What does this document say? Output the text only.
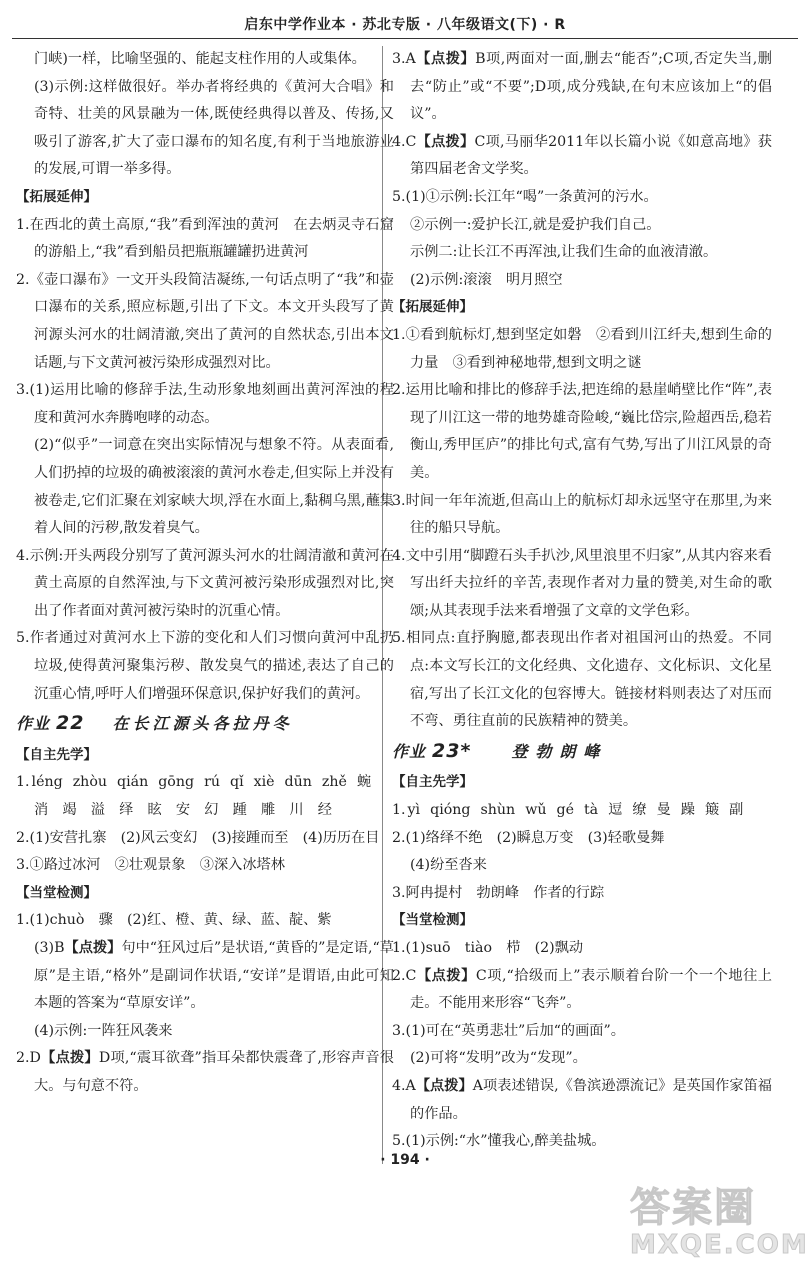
启东中学作业本 · 苏北专版 · 八年级语文(下) · R

门峡)一样，比喻坚强的、能起支柱作用的人或集体。

(3)示例:这样做很好。举办者将经典的《黄河大合唱》和奇特、壮美的风景融为一体,既使经典得以普及、传扬,又吸引了游客,扩大了壶口瀑布的知名度,有利于当地旅游业的发展,可谓一举多得。

【拓展延伸】

1.在西北的黄土高原,“我”看到浑浊的黄河　在去炳灵寺石窟的游船上,“我”看到船员把瓶瓶罐罐扔进黄河

2.《壶口瀑布》一文开头段简洁凝练,一句话点明了“我”和壶口瀑布的关系,照应标题,引出了下文。本文开头段写了黄河源头河水的壮阔清澈,突出了黄河的自然状态,引出本文话题,与下文黄河被污染形成强烈对比。

3.(1)运用比喻的修辞手法,生动形象地刻画出黄河浑浊的程度和黄河水奔腾咆哮的动态。

(2)“似乎”一词意在突出实际情况与想象不符。从表面看,人们扔掉的垃圾的确被滚滚的黄河水卷走,但实际上并没有被卷走,它们汇聚在刘家峡大坝,浮在水面上,黏稠乌黑,蘸集着人间的污秽,散发着臭气。

4.示例:开头两段分别写了黄河源头河水的壮阔清澈和黄河在黄土高原的自然浑浊,与下文黄河被污染形成强烈对比,突出了作者面对黄河被污染时的沉重心情。

5.作者通过对黄河水上下游的变化和人们习惯向黄河中乱扔垃圾,使得黄河聚集污秽、散发臭气的描述,表达了自己的沉重心情,呼吁人们增强环保意识,保护好我们的黄河。

作业 22 在长江源头各拉丹冬

【自主先学】

1. léng zhòu qián gōng rú qǐ xiè dūn zhě 蜿

消　竭　溢　绎　眩　安　幻　踵　雕　川　经

2.(1)安营扎寨　(2)风云变幻　(3)接踵而至　(4)历历在目

3.①路过冰河　②壮观景象　③深入冰塔林

【当堂检测】

1.(1)chuò　骤　(2)红、橙、黄、绿、蓝、靛、紫

(3)B【点拨】句中“狂风过后”是状语,“黄昏的”是定语,“草原”是主语,“格外”是副词作状语,“安详”是谓语,由此可知本题的答案为“草原安详”。

(4)示例:一阵狂风袭来

2.D【点拨】D项,“震耳欲聋”指耳朵都快震聋了,形容声音很大。与句意不符。

3.A【点拨】B项,两面对一面,删去“能否”;C项,否定失当,删去“防止”或“不要”;D项,成分残缺,在句末应该加上“的倡议”。

4.C【点拨】C项,马丽华2011年以长篇小说《如意高地》获第四届老舍文学奖。

5.(1)①示例:长江年“喝”一条黄河的污水。

②示例一:爱护长江,就是爱护我们自己。

示例二:让长江不再浑浊,让我们生命的血液清澈。

(2)示例:滚滚　明月照空

【拓展延伸】

1.①看到航标灯,想到坚定如磐　②看到川江纤夫,想到生命的力量　③看到神秘地带,想到文明之谜

2.运用比喻和排比的修辞手法,把连绵的悬崖峭壁比作“阵”,表现了川江这一带的地势雄奇险峻,“巍比岱宗,险超西岳,稳若衡山,秀甲匡庐”的排比句式,富有气势,写出了川江风景的奇美。

3.时间一年年流逝,但高山上的航标灯却永远坚守在那里,为来往的船只导航。

4.文中引用“脚蹬石头手扒沙,风里浪里不归家”,从其内容来看写出纤夫拉纤的辛苦,表现作者对力量的赞美,对生命的歌颂;从其表现手法来看增强了文章的文学色彩。

5.相同点:直抒胸臆,都表现出作者对祖国河山的热爱。不同点:本文写长江的文化经典、文化遗存、文化标识、文化星宿,写出了长江文化的包容博大。链接材料则表达了对压而不弯、勇往直前的民族精神的赞美。

作业 23*	登勃朗峰

【自主先学】

1. yì qióng shùn wǔ gé tà 逗 缭 曼 躁 簸 副

2.(1)络绎不绝　(2)瞬息万变　(3)轻歌曼舞

(4)纷至沓来

3.阿冉提村　勃朗峰　作者的行踪

【当堂检测】

1.(1)suō　tiào　栉　(2)飘动

2.C【点拨】C项,“拾级而上”表示顺着台阶一个一个地往上走。不能用来形容“飞奔”。

3.(1)可在“英勇悲壮”后加“的画面”。

(2)可将“发明”改为“发现”。

4.A【点拨】A项表述错误,《鲁滨逊漂流记》是英国作家笛福的作品。

5.(1)示例:“水”懂我心,醉美盐城。

· 194 ·
答案圈
MXQE.COM
